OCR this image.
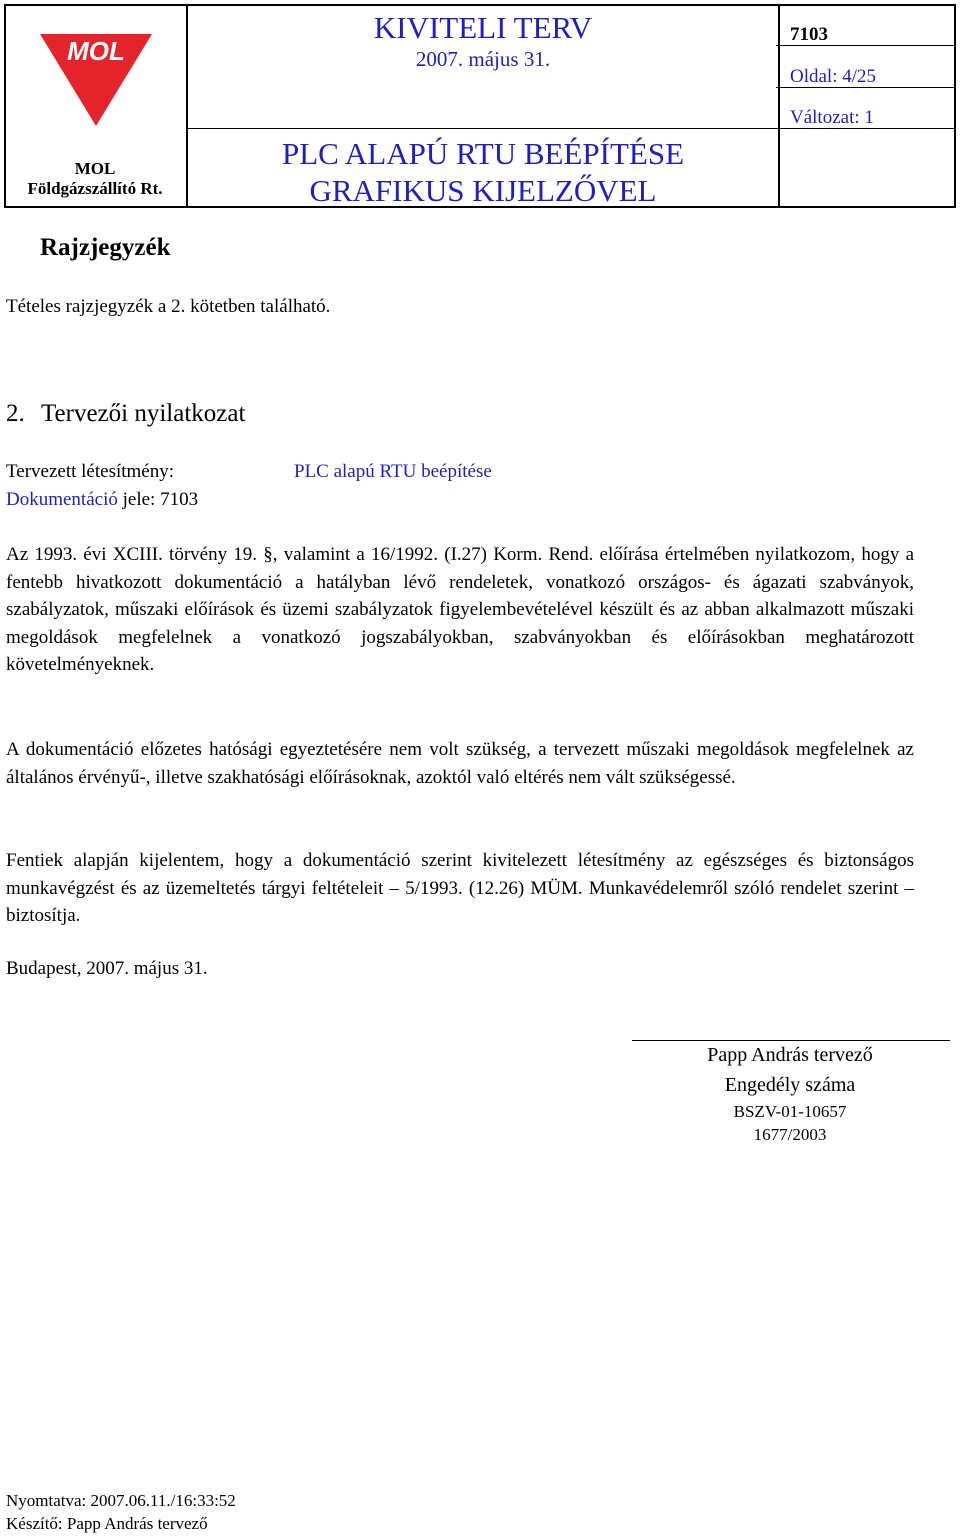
MOL
MOL
Földgázszállító Rt.
KIVITELI TERV
2007. május 31.
PLC ALAPÚ RTU BEÉPÍTÉSE
GRAFIKUS KIJELZŐVEL
7103
Oldal: 4/25
Változat: 1
Rajzjegyzék
Tételes rajzjegyzék a 2. kötetben található.
2. Tervezői nyilatkozat
Tervezett létesítmény:	PLC alapú RTU beépítése
Dokumentáció jele: 7103
Az 1993. évi XCIII. törvény 19. §, valamint a 16/1992. (I.27) Korm. Rend. előírása értelmében nyilatkozom, hogy a fentebb hivatkozott dokumentáció a hatályban lévő rendeletek, vonatkozó országos- és ágazati szabványok, szabályzatok, műszaki előírások és üzemi szabályzatok figyelembevételével készült és az abban alkalmazott műszaki megoldások megfelelnek a vonatkozó jogszabályokban, szabványokban és előírásokban meghatározott követelményeknek.
A dokumentáció előzetes hatósági egyeztetésére nem volt szükség, a tervezett műszaki megoldások megfelelnek az általános érvényű-, illetve szakhatósági előírásoknak, azoktól való eltérés nem vált szükségessé.
Fentiek alapján kijelentem, hogy a dokumentáció szerint kivitelezett létesítmény az egészséges és biztonságos munkavégzést és az üzemeltetés tárgyi feltételeit – 5/1993. (12.26) MÜM. Munkavédelemről szóló rendelet szerint – biztosítja.
Budapest, 2007. május 31.
Papp András tervező
Engedély száma
BSZV-01-10657
1677/2003
Nyomtatva: 2007.06.11./16:33:52
Készítő: Papp András tervező
